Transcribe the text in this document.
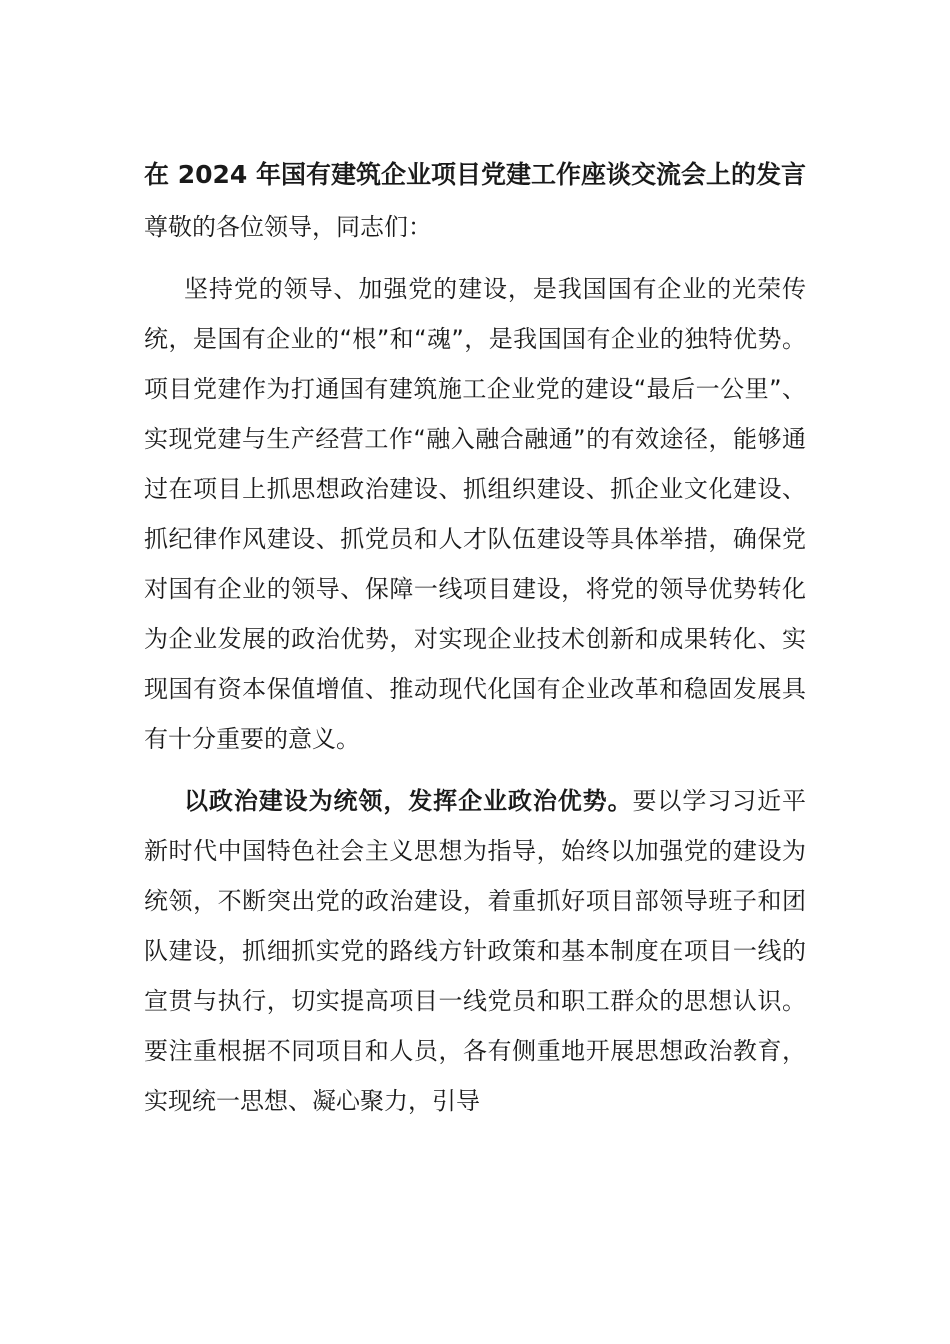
在 2024 年国有建筑企业项目党建工作座谈交流会上的发言
尊敬的各位领导，同志们：

坚持党的领导、加强党的建设，是我国国有企业的光荣传统，是国有企业的“根”和“魂”，是我国国有企业的独特优势。项目党建作为打通国有建筑施工企业党的建设“最后一公里”、实现党建与生产经营工作“融入融合融通”的有效途径，能够通过在项目上抓思想政治建设、抓组织建设、抓企业文化建设、抓纪律作风建设、抓党员和人才队伍建设等具体举措，确保党对国有企业的领导、保障一线项目建设，将党的领导优势转化为企业发展的政治优势，对实现企业技术创新和成果转化、实现国有资本保值增值、推动现代化国有企业改革和稳固发展具有十分重要的意义。

以政治建设为统领，发挥企业政治优势。要以学习习近平新时代中国特色社会主义思想为指导，始终以加强党的建设为统领，不断突出党的政治建设，着重抓好项目部领导班子和团队建设，抓细抓实党的路线方针政策和基本制度在项目一线的宣贯与执行，切实提高项目一线党员和职工群众的思想认识。要注重根据不同项目和人员，各有侧重地开展思想政治教育，实现统一思想、凝心聚力，引导
